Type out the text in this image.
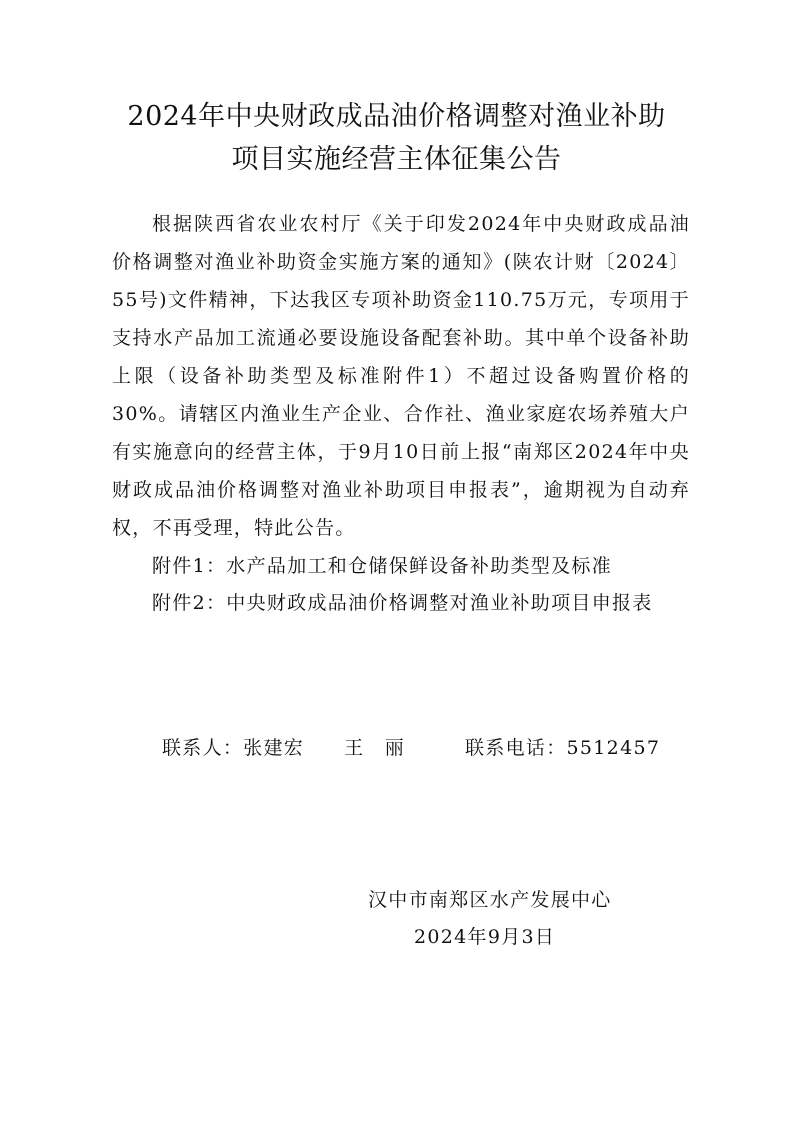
2024年中央财政成品油价格调整对渔业补助
项目实施经营主体征集公告
根据陕西省农业农村厅《关于印发2024年中央财政成品油价格调整对渔业补助资金实施方案的通知》(陕农计财〔2024〕55号)文件精神，下达我区专项补助资金110.75万元，专项用于支持水产品加工流通必要设施设备配套补助。其中单个设备补助上限（设备补助类型及标准附件1）不超过设备购置价格的30%。请辖区内渔业生产企业、合作社、渔业家庭农场养殖大户有实施意向的经营主体，于9月10日前上报“南郑区2024年中央财政成品油价格调整对渔业补助项目申报表”，逾期视为自动弃权，不再受理，特此公告。
附件1：水产品加工和仓储保鲜设备补助类型及标准
附件2：中央财政成品油价格调整对渔业补助项目申报表
联系人：张建宏 王　丽	联系电话：5512457
汉中市南郑区水产发展中心
2024年9月3日
